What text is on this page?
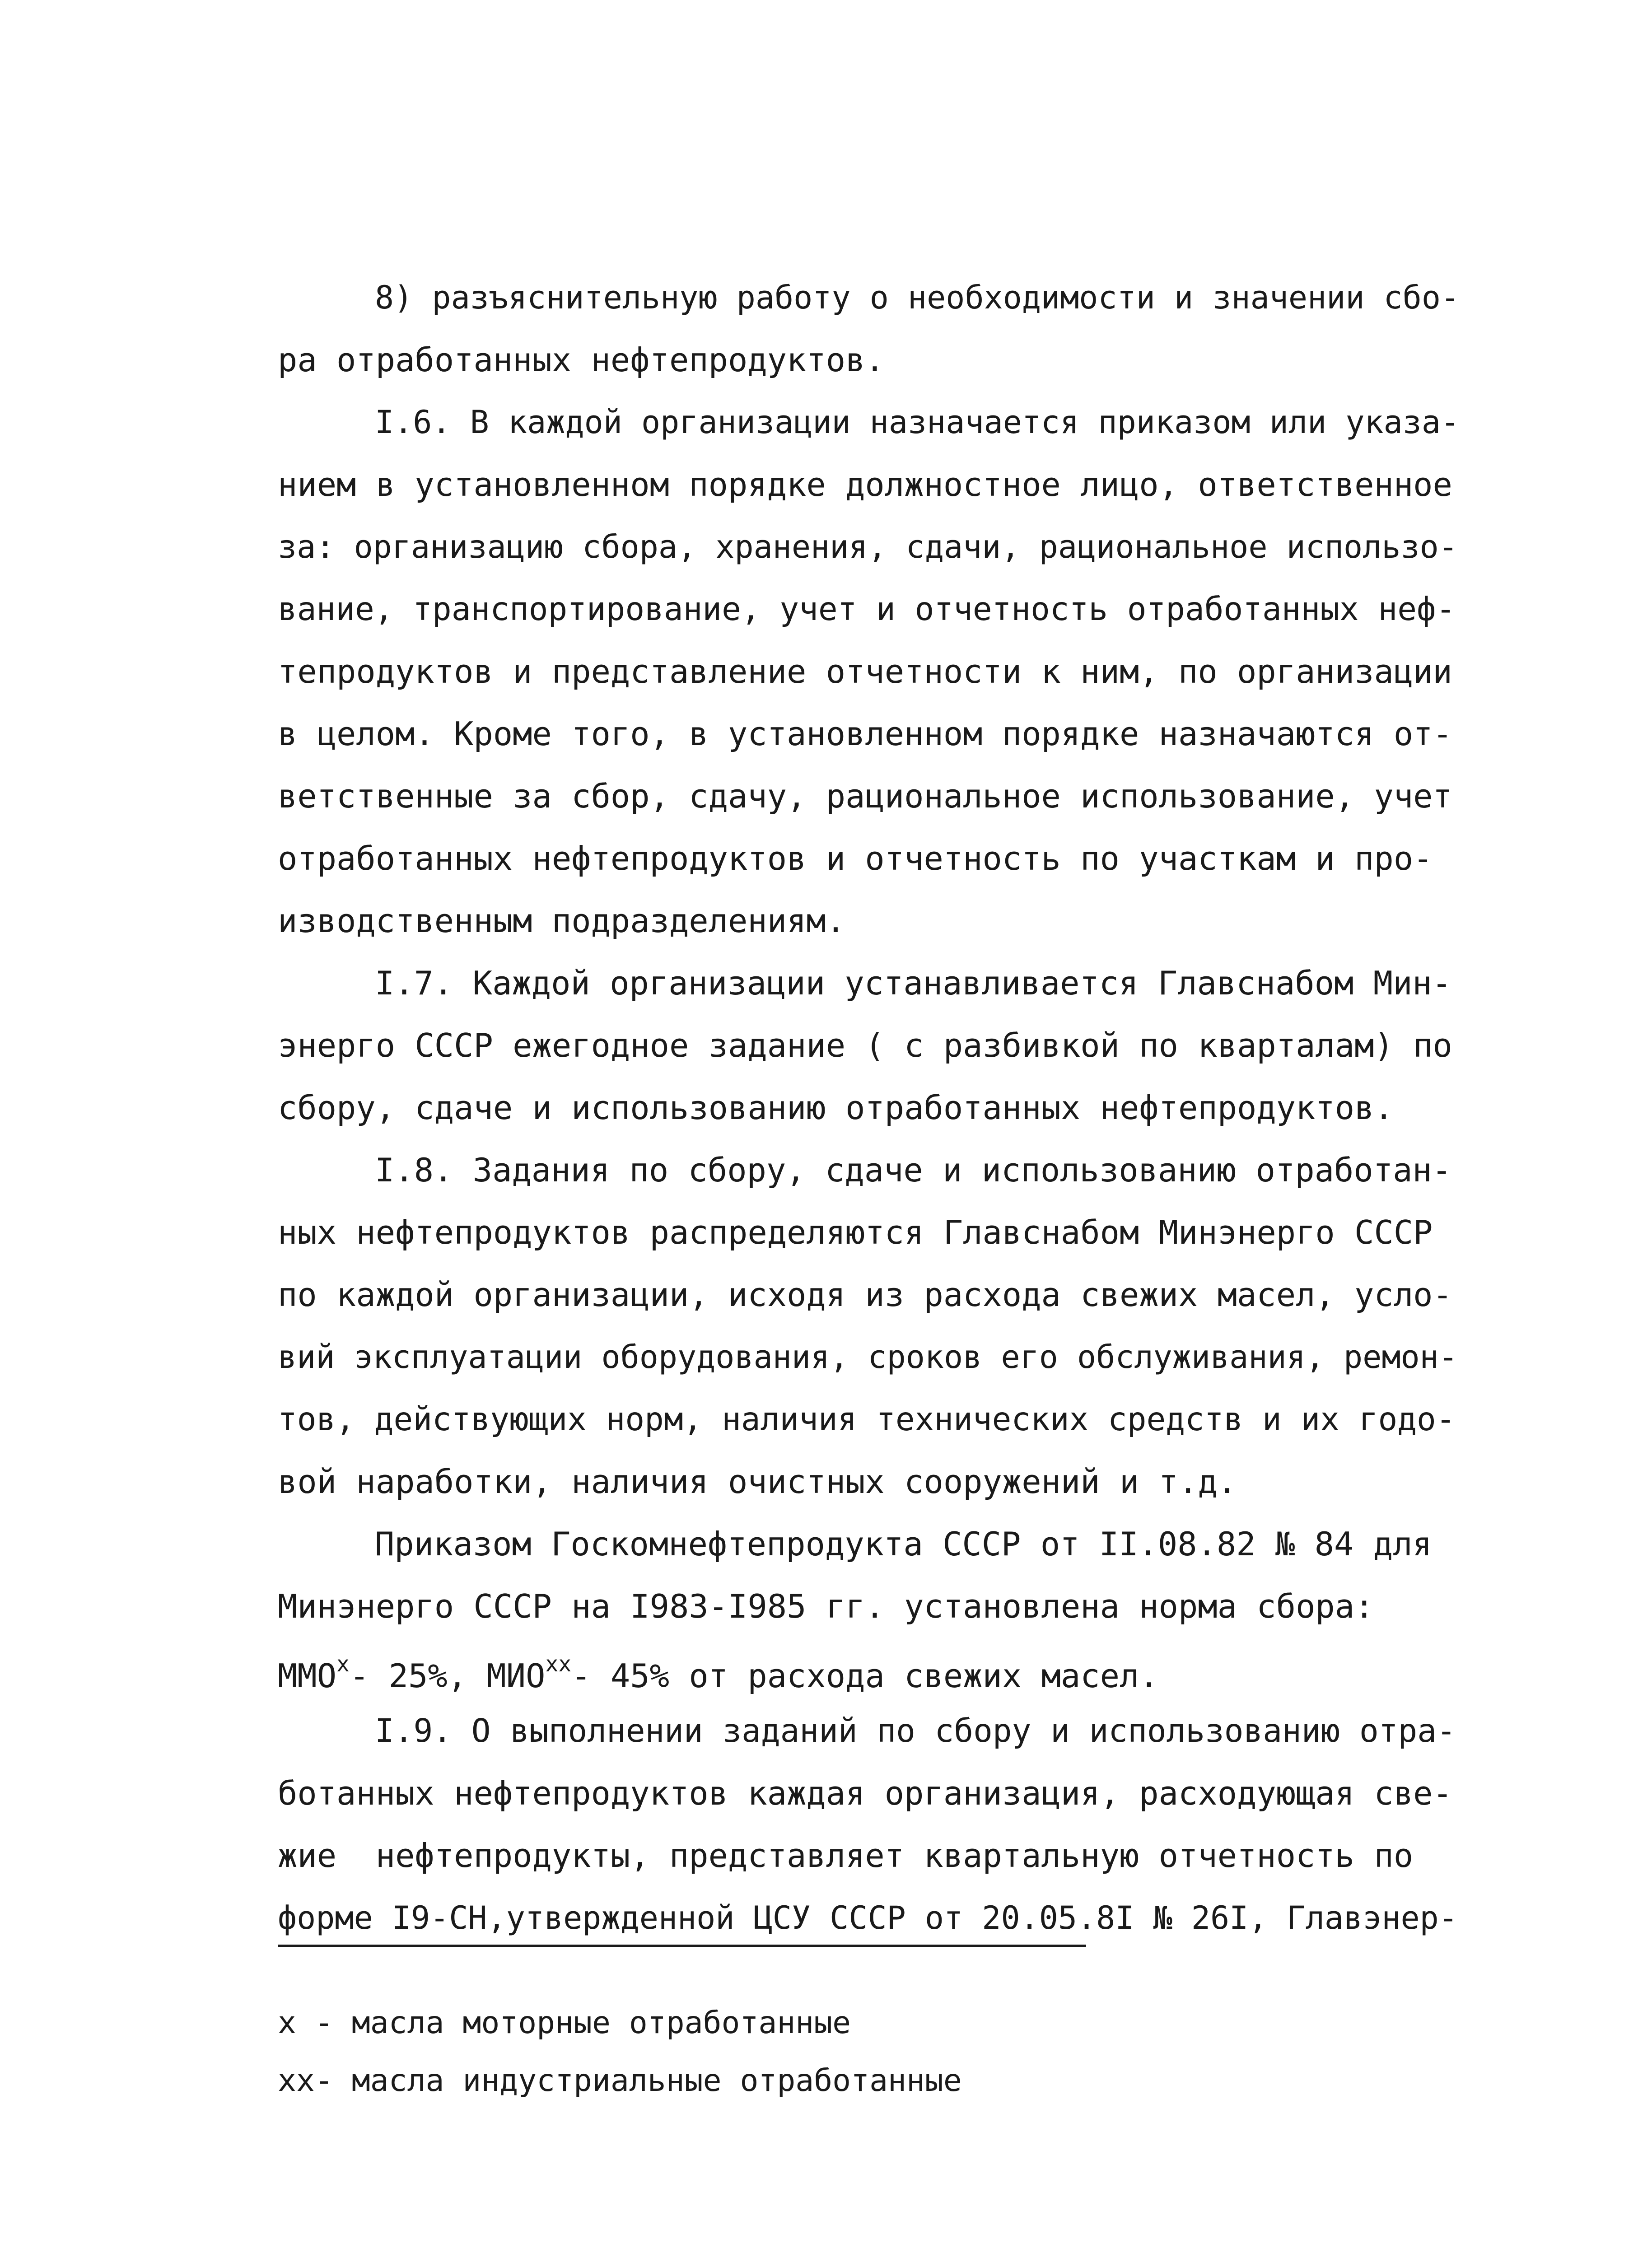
8) разъяснительную работу о необходимости и значении сбо-
ра отработанных нефтепродуктов.
I.6. В каждой организации назначается приказом или указа-
нием в установленном порядке должностное лицо, ответственное
за: организацию сбора, хранения, сдачи, рациональное использо-
вание, транспортирование, учет и отчетность отработанных неф-
тепродуктов и представление отчетности к ним, по организации
в целом. Кроме того, в установленном порядке назначаются от-
ветственные за сбор, сдачу, рациональное использование, учет
отработанных нефтепродуктов и отчетность по участкам и про-
изводственным подразделениям.
I.7. Каждой организации устанавливается Главснабом Мин-
энерго СССР ежегодное задание ( с разбивкой по кварталам) по
сбору, сдаче и использованию отработанных нефтепродуктов.
I.8. Задания по сбору, сдаче и использованию отработан-
ных нефтепродуктов распределяются Главснабом Минэнерго СССР
по каждой организации, исходя из расхода свежих масел, усло-
вий эксплуатации оборудования, сроков его обслуживания, ремон-
тов, действующих норм, наличия технических средств и их годо-
вой наработки, наличия очистных сооружений и т.д.
Приказом Госкомнефтепродукта СССР от II.08.82 № 84 для
Минэнерго СССР на I983-I985 гг. установлена норма сбора:
$ММО^х-$ 25%, $МИО^{хх}-$ 45% от расхода свежих масел.
I.9. О выполнении заданий по сбору и использованию отра-
ботанных нефтепродуктов каждая организация, расходующая све-
жие  нефтепродукты, представляет квартальную отчетность по
форме I9-СН,утвержденной ЦСУ СССР от 20.05.8I № 26I, Главэнер-
х - масла моторные отработанные
хх- масла индустриальные отработанные
